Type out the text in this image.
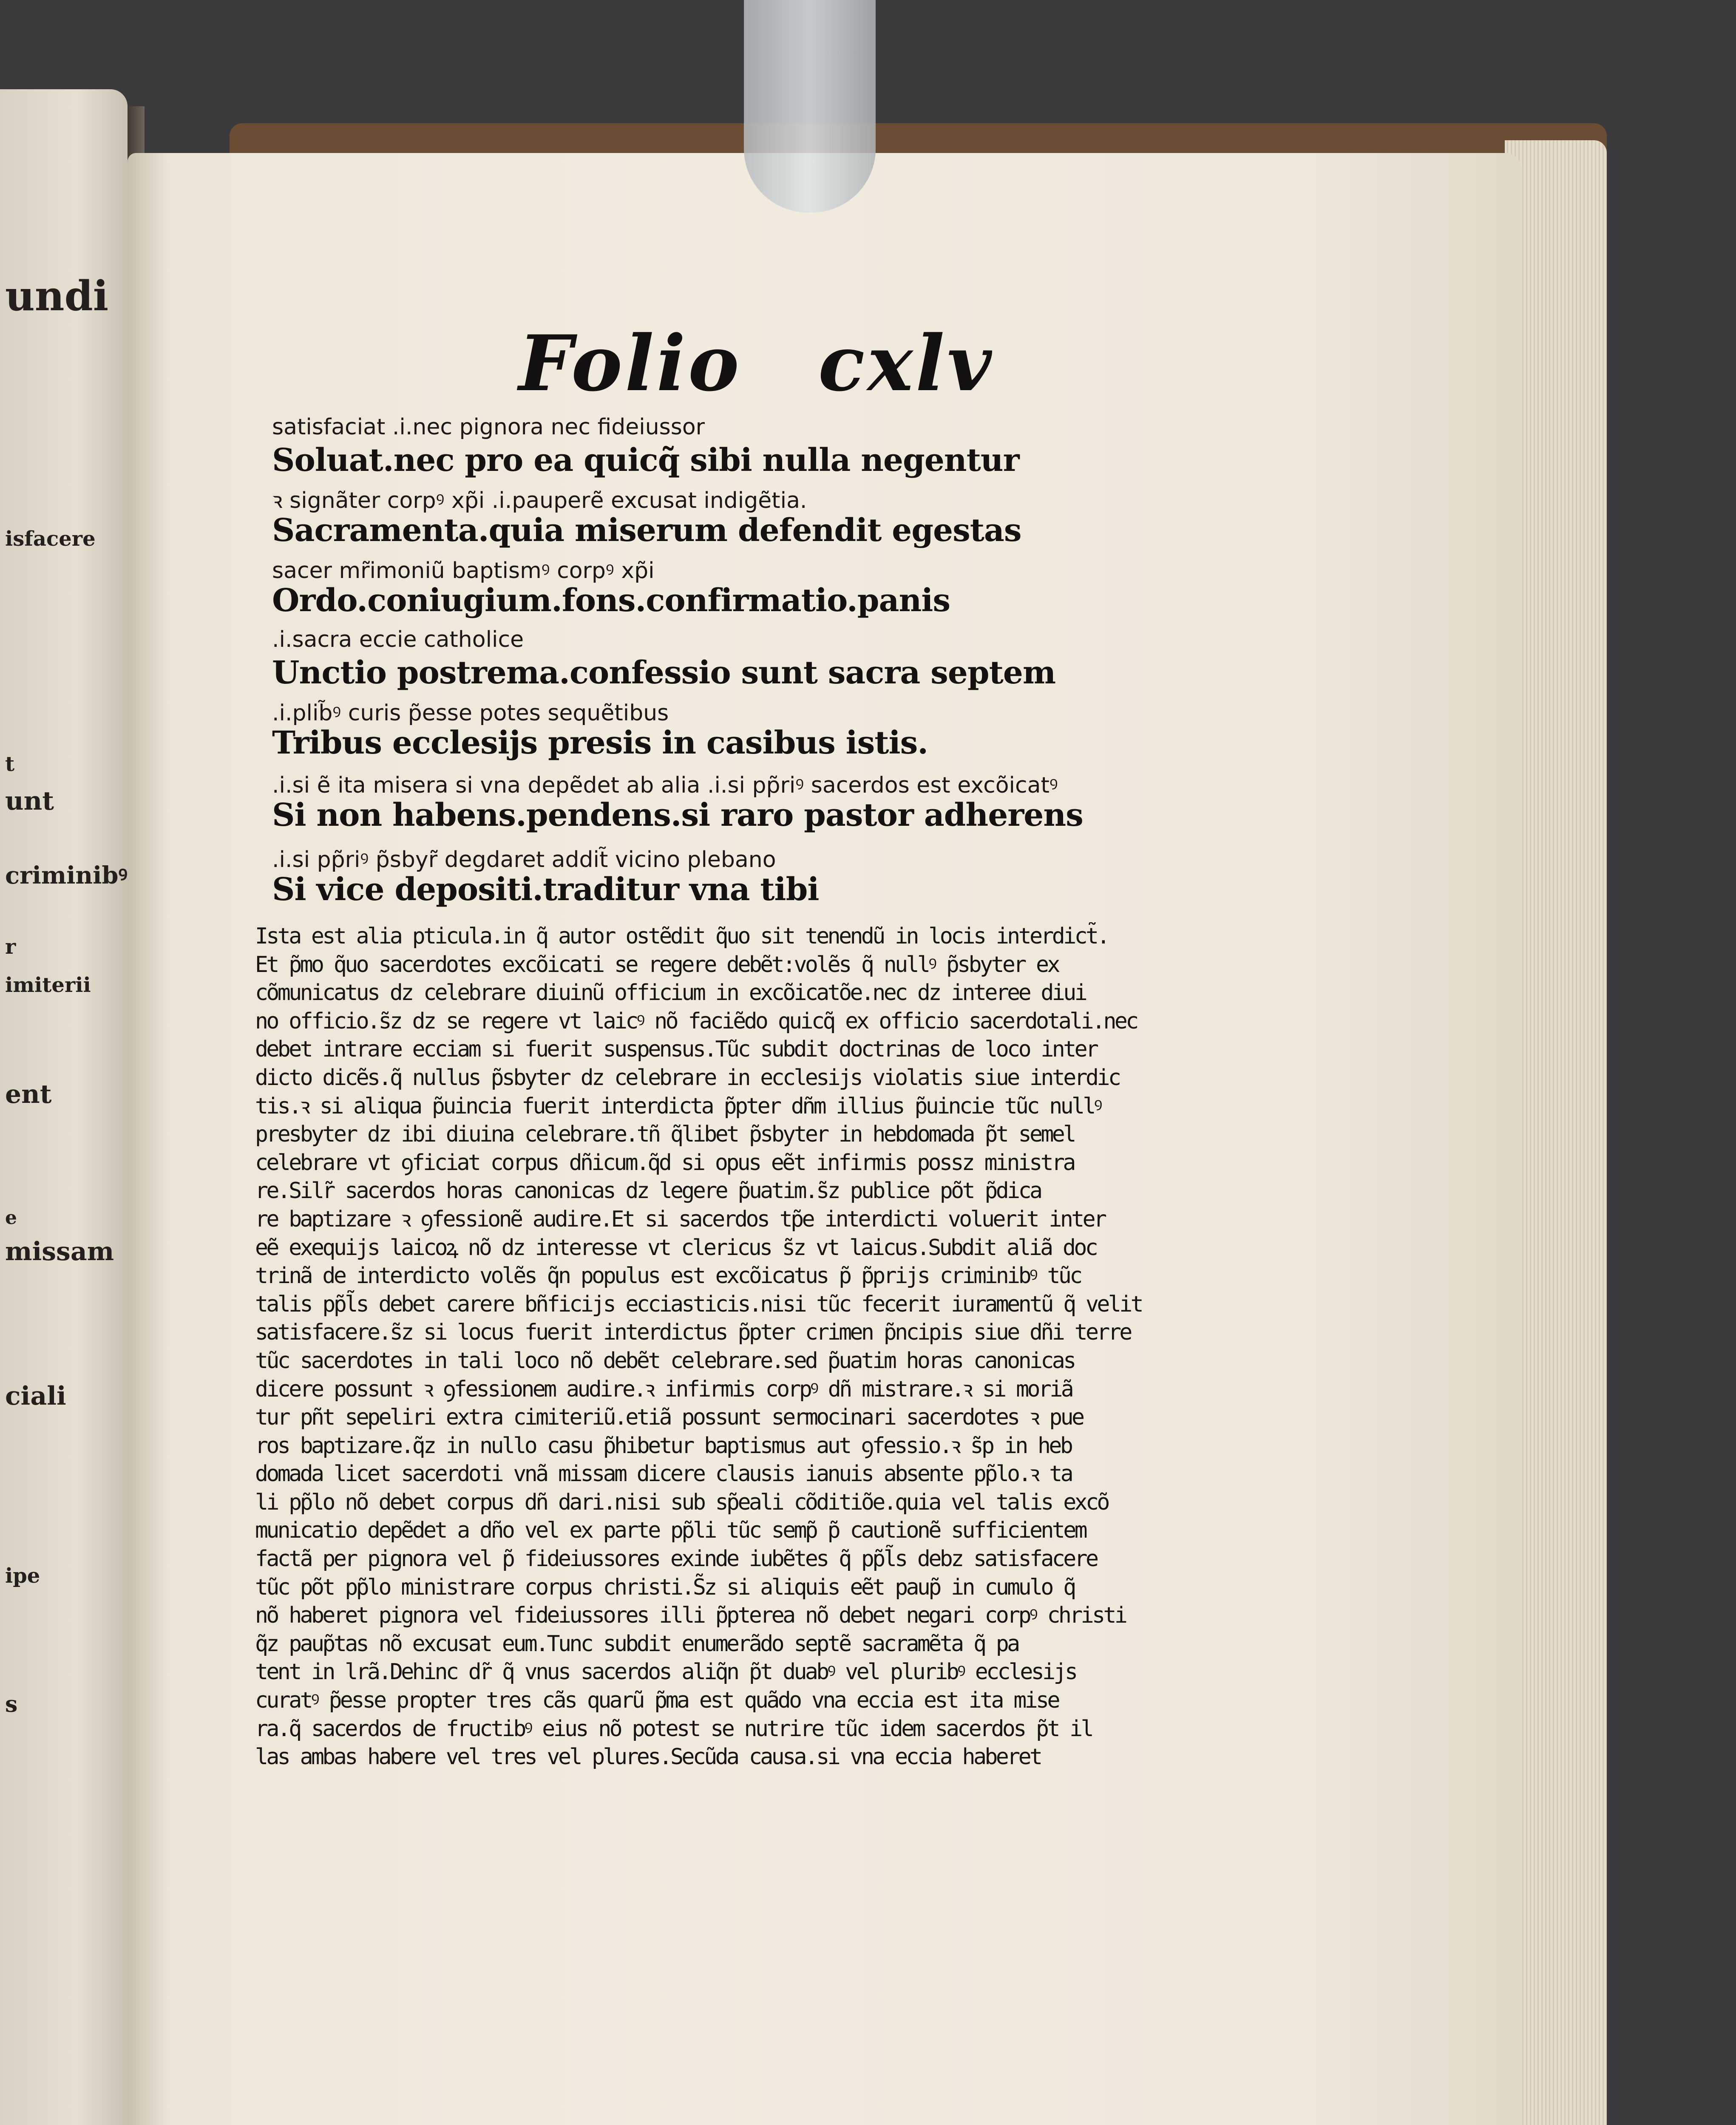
undi
isfacere
t
unt
criminibꝰ
r
imiterii
ent
e
missam
ciali
ipe
s

Folio cxlv
satisfaciat .i.nec pignora nec fideiussor
Soluat.nec pro ea quicq̃ sibi nulla negentur
ꝛ signãter corpꝰ xp̃i .i.pauperẽ excusat indigẽtia.
Sacramenta.quia miserum defendit egestas
sacer mr̃imoniũ baptismꝰ corpꝰ xp̃i
Ordo.coniugium.fons.confirmatio.panis
.i.sacra eccie catholice
Unctio postrema.confessio sunt sacra septem
.i.plib̃ꝰ curis p̃esse potes sequẽtibus
Tribus ecclesijs presis in casibus istis.
.i.si ẽ ita misera si vna depẽdet ab alia .i.si pp̃riꝰ sacerdos est excõicatꝰ
Si non habens.pendens.si raro pastor adherens
.i.si pp̃riꝰ p̃sbyr̃ degdaret addit̃ vicino plebano
Si vice depositi.traditur vna tibi
Ista est alia pticula.in q̃ autor ostẽdit q̃uo sit tenendũ in locis interdict̃.
Et p̃mo q̃uo sacerdotes excõicati se regere debẽt:volẽs q̃ nullꝰ p̃sbyter ex
cõmunicatus dz celebrare diuinũ officium in excõicatõe.nec dz interee diui
no officio.s̃z dz se regere vt laicꝰ nõ faciẽdo quicq̃ ex officio sacerdotali.nec
debet intrare ecciam si fuerit suspensus.Tũc subdit doctrinas de loco inter
dicto dicẽs.q̃ nullus p̃sbyter dz celebrare in ecclesijs violatis siue interdic
tis.ꝛ si aliqua p̃uincia fuerit interdicta p̃pter dñm illius p̃uincie tũc nullꝰ
presbyter dz ibi diuina celebrare.tñ q̃libet p̃sbyter in hebdomada p̃t semel
celebrare vt ꝯficiat corpus dñicum.q̃d si opus eẽt infirmis possz ministra
re.Silr̃ sacerdos horas canonicas dz legere p̃uatim.s̃z publice põt p̃dica
re baptizare ꝛ ꝯfessionẽ audire.Et si sacerdos tp̃e interdicti voluerit inter
eẽ exequijs laicoꝝ nõ dz interesse vt clericus s̃z vt laicus.Subdit aliã doc
trinã de interdicto volẽs q̃n populus est excõicatus p̃ p̃prijs criminibꝰ tũc
talis pp̃l̃s debet carere bñficijs ecciasticis.nisi tũc fecerit iuramentũ q̃ velit
satisfacere.s̃z si locus fuerit interdictus p̃pter crimen p̃ncipis siue dñi terre
tũc sacerdotes in tali loco nõ debẽt celebrare.sed p̃uatim horas canonicas
dicere possunt ꝛ ꝯfessionem audire.ꝛ infirmis corpꝰ dñ mistrare.ꝛ si moriã
tur pñt sepeliri extra cimiteriũ.etiã possunt sermocinari sacerdotes ꝛ pue
ros baptizare.q̃z in nullo casu p̃hibetur baptismus aut ꝯfessio.ꝛ s̃p in heb
domada licet sacerdoti vnã missam dicere clausis ianuis absente pp̃lo.ꝛ ta
li pp̃lo nõ debet corpus dñ dari.nisi sub sp̃eali cõditiõe.quia vel talis excõ
municatio depẽdet a dño vel ex parte pp̃li tũc semp̃ p̃ cautionẽ sufficientem
factã per pignora vel p̃ fideiussores exinde iubẽtes q̃ pp̃l̃s debz satisfacere
tũc põt pp̃lo ministrare corpus christi.S̃z si aliquis eẽt paup̃ in cumulo q̃
nõ haberet pignora vel fideiussores illi p̃pterea nõ debet negari corpꝰ christi
q̃z paup̃tas nõ excusat eum.Tunc subdit enumerãdo septẽ sacramẽta q̃ pa
tent in lrã.Dehinc dr̃ q̃ vnus sacerdos aliq̃n p̃t duabꝰ vel pluribꝰ ecclesijs
curatꝰ p̃esse propter tres cãs quarũ p̃ma est quãdo vna eccia est ita mise
ra.q̃ sacerdos de fructibꝰ eius nõ potest se nutrire tũc idem sacerdos p̃t il
las ambas habere vel tres vel plures.Secũda causa.si vna eccia haberet
